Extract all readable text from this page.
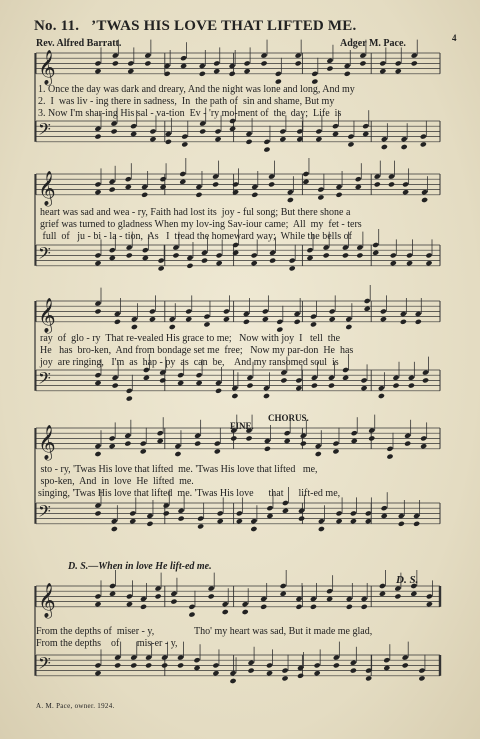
No. 11. ’TWAS HIS LOVE THAT LIFTED ME.
4
Rev. Alfred Barratt.	Adger M. Pace.
𝄞
𝄢
𝄞
𝄢
𝄞
𝄢
𝄞
𝄢
𝄞
𝄢
1. Once the day was dark and dreary, And the night was lone and long, And my
2.  I  was liv - ing there in sadness,  In  the path of  sin and shame, But my
3. Now I'm shar-ing His sal - va-tion  Ev - 'ry mo-ment of  the  day;  Life  is
heart was sad and wea - ry, Faith had lost its  joy - ful song; But there shone a
grief was turned to gladness When my lov-ing Sav-iour came;  All  my  fet - ters
full  of   ju - bi - la - tion,  As   I  tread the homeward way;  While the bells of
ray  of  glo - ry  That re-vealed His grace to me;   Now with joy  I   tell  the
He   has  bro-ken,  And from bondage set me  free;   Now my par-don  He  has
joy  are ringing,   I'm  as  hap - py  as  can  be,    And my ransomed soul  is
FINE.
CHORUS.
sto - ry, 'Twas His love that lifted  me. 'Twas His love that lifted   me,
spo-ken,  And  in  love  He  lifted  me.
singing, 'Twas His love that lifted  me. 'Twas His love      that      lift-ed me,
D. S.—When in love He lift-ed me.
D. S.
From the depths of  miser - y,                Tho' my heart was sad, But it made me glad,
From the depths    of       mis-er - y,
A. M. Pace, owner. 1924.
